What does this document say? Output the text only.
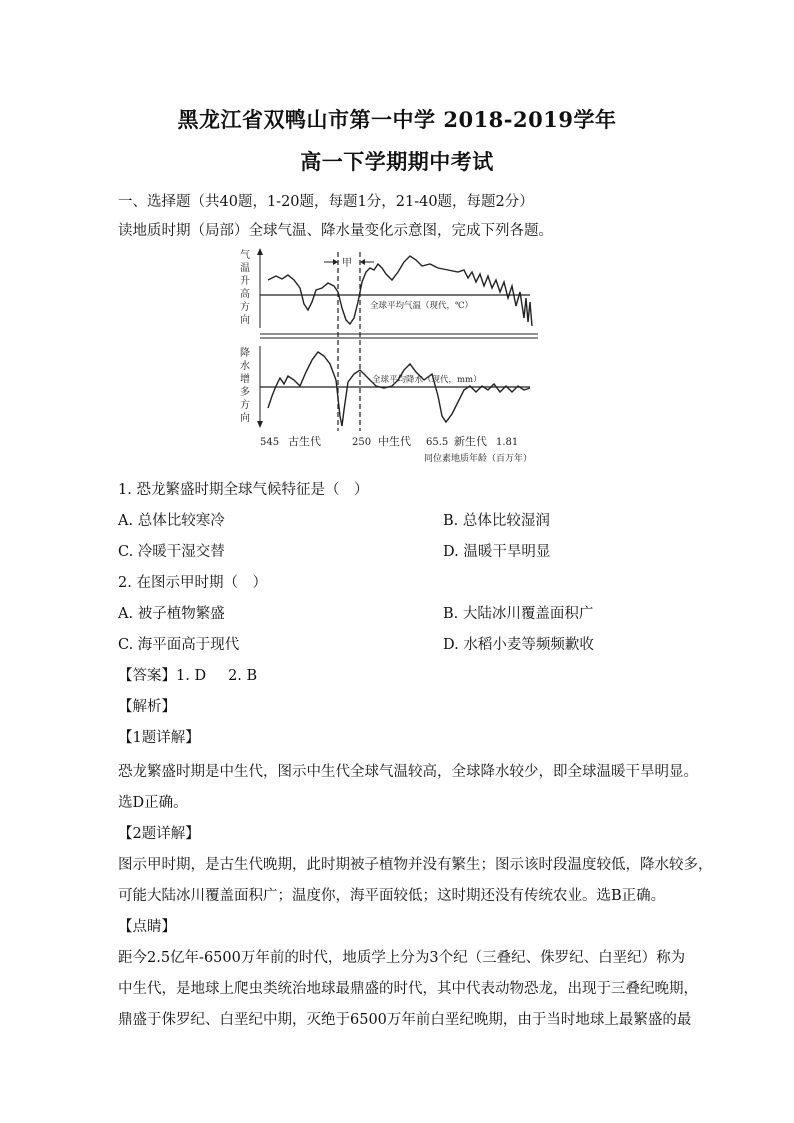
黑龙江省双鸭山市第一中学 2018-2019学年
高一下学期期中考试
一、选择题（共40题，1-20题，每题1分，21-40题，每题2分）
读地质时期（局部）全球气温、降水量变化示意图，完成下列各题。
气
温
升
高
方
向
降
水
增
多
方
向
甲
全球平均气温（现代，℃）
全球平均降水（现代，mm）
545 古生代	250 中生代 65.5 新生代 1.81
同位素地质年龄（百万年）
1. 恐龙繁盛时期全球气候特征是（　）
A. 总体比较寒冷	B. 总体比较湿润
C. 冷暖干湿交替	D. 温暖干旱明显
2. 在图示甲时期（　）
A. 被子植物繁盛	B. 大陆冰川覆盖面积广
C. 海平面高于现代	D. 水稻小麦等频频歉收
【答案】1. D 2. B
【解析】
【1题详解】
恐龙繁盛时期是中生代，图示中生代全球气温较高，全球降水较少，即全球温暖干旱明显。
选D正确。
【2题详解】
图示甲时期，是古生代晚期，此时期被子植物并没有繁生；图示该时段温度较低，降水较多，
可能大陆冰川覆盖面积广；温度你，海平面较低；这时期还没有传统农业。选B正确。
【点睛】
距今2.5亿年-6500万年前的时代，地质学上分为3个纪（三叠纪、侏罗纪、白垩纪）称为
中生代，是地球上爬虫类统治地球最鼎盛的时代，其中代表动物恐龙，出现于三叠纪晚期，
鼎盛于侏罗纪、白垩纪中期，灭绝于6500万年前白垩纪晚期，由于当时地球上最繁盛的最
